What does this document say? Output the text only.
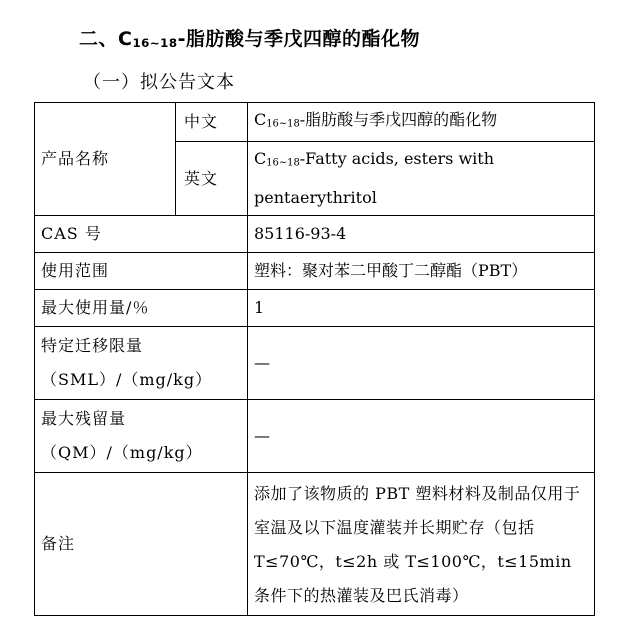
二、$C_{16\sim 18}-$脂肪酸与季戊四醇的酯化物
（一）拟公告文本
产品名称	中文	$C_{16\sim 18}-$脂肪酸与季戊四醇的酯化物
	英文	$C_{16\sim 18}$-Fatty acids, esters with
pentaerythritol

CAS 号		85116-93-4
使用范围		塑料：聚对苯二甲酸丁二醇酯（PBT）
最大使用量/％		1

特定迁移限量
（SML）/（mg/kg）		—

最大残留量
（QM）/（mg/kg）		—
备注		添加了该物质的 PBT 塑料材料及制品仅用于室温及以下温度灌装并长期贮存（包括 T≤70℃，t≤2h 或 T≤100℃，t≤15min 条件下的热灌装及巴氏消毒）
